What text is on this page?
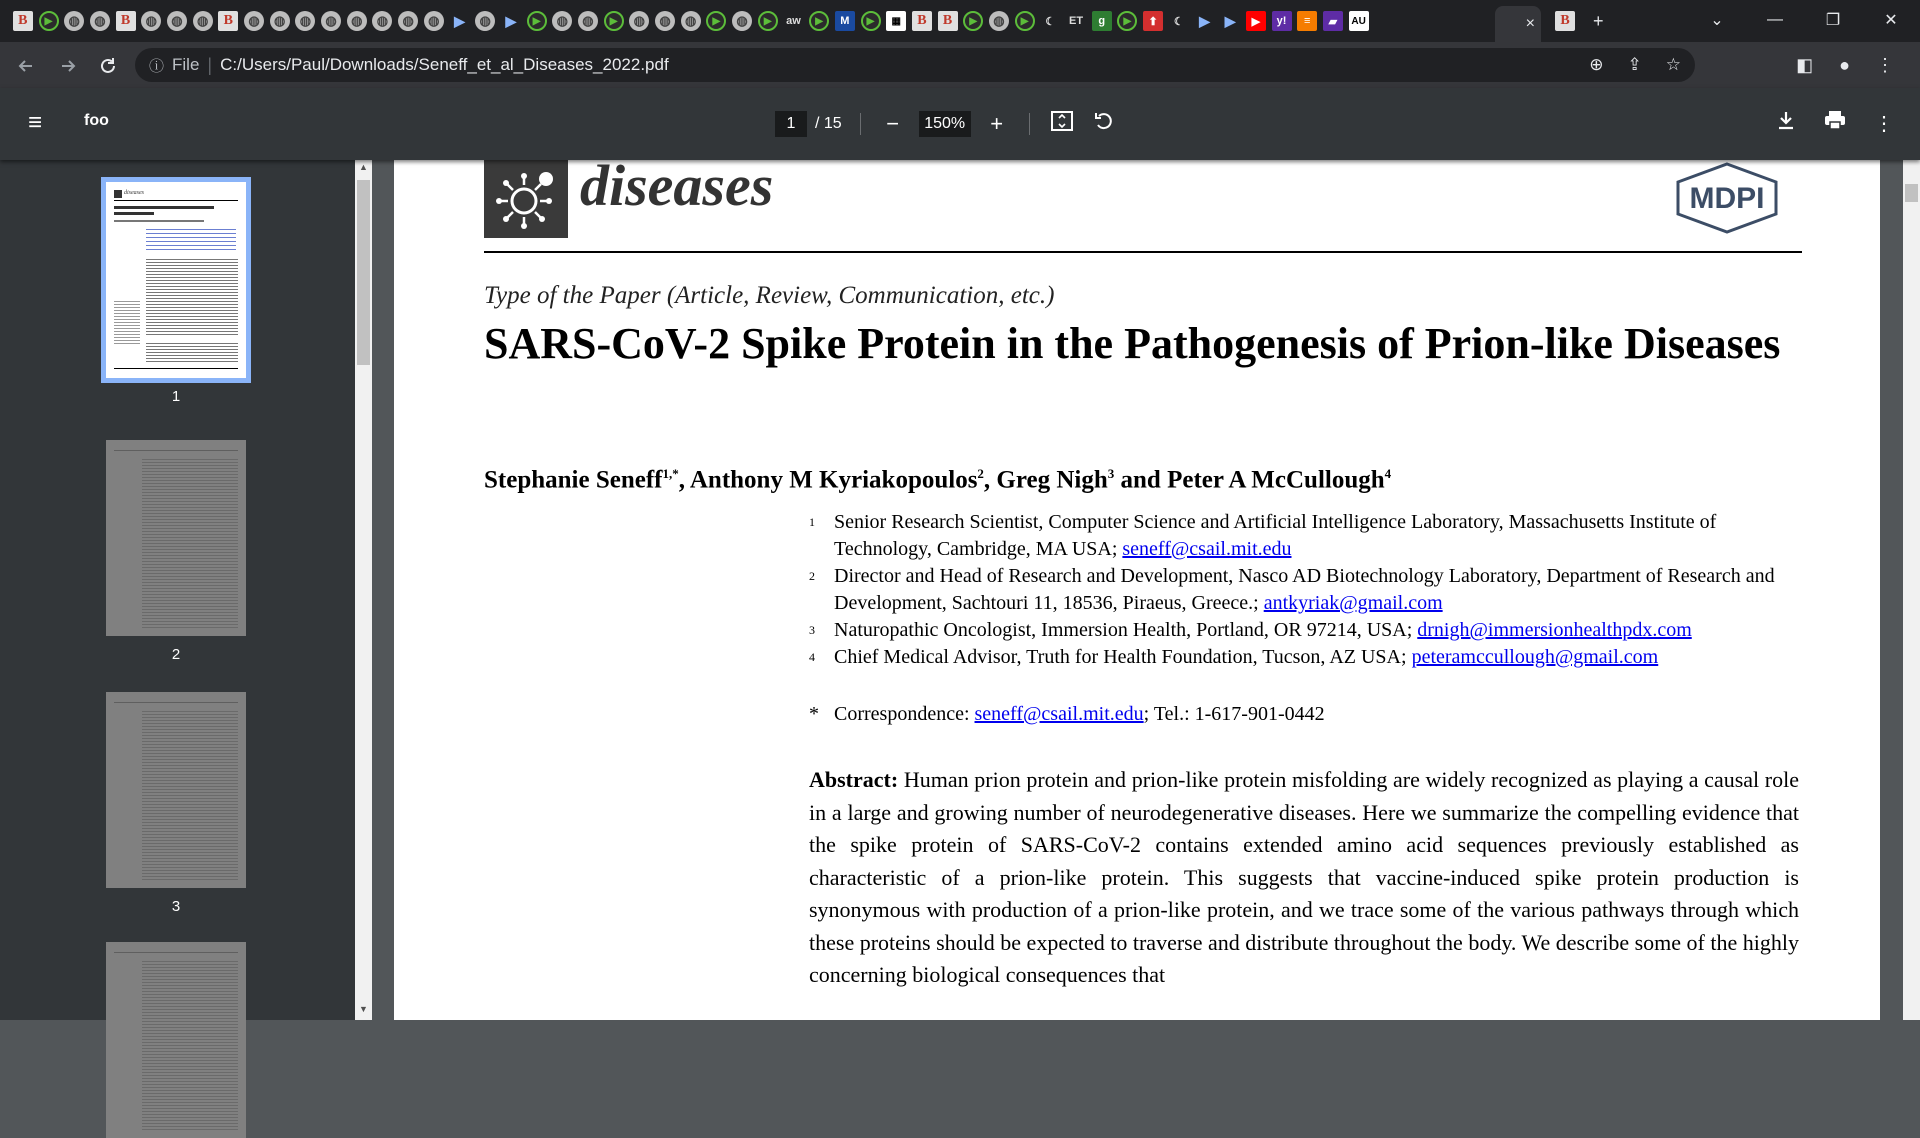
B	▶	◍	◍	B	◍	◍	◍	B	◍	◍	◍	◍	◍	◍	◍	◍	▶	◍	▶	▶	◍	◍	▶	◍	◍	◍	▶	◍	▶	aw	▶	M	▶	▦	B	B	▶	◍	▶	☾	ET	g	▶	⬆	☾	▶	▶	▶	y!	≡	▰	AU	×	B +	⌄	—	❐	✕
ⓘ File | C:/Users/Paul/Downloads/Seneff_et_al_Diseases_2022.pdf	⊕ ⇪ ☆	◧ ● ⋮
≡	foo
1	/ 15	−
150%	+	⋮
diseases
1
2
3
▲
▼
diseases	MDPI
Type of the Paper (Article, Review, Communication, etc.)
SARS-CoV-2 Spike Protein in the Pathogenesis of Prion-like Diseases
Stephanie Seneff$^{1,*}$, Anthony M Kyriakopoulos$^2$, Greg Nigh$^3$ and Peter A McCullough$^4$
1 Senior Research Scientist, Computer Science and Artificial Intelligence Laboratory, Massachusetts Institute of Technology, Cambridge, MA USA; seneff@csail.mit.edu
2 Director and Head of Research and Development, Nasco AD Biotechnology Laboratory, Department of Research and Development, Sachtouri 11, 18536, Piraeus, Greece.; antkyriak@gmail.com
3 Naturopathic Oncologist, Immersion Health, Portland, OR 97214, USA; drnigh@immersionhealthpdx.com
4 Chief Medical Advisor, Truth for Health Foundation, Tucson, AZ USA; peteramccullough@gmail.com
* Correspondence: seneff@csail.mit.edu; Tel.: 1-617-901-0442
Abstract: Human prion protein and prion-like protein misfolding are widely recognized as playing a causal role in a large and growing number of neurodegenerative diseases. Here we summarize the compelling evidence that the spike protein of SARS-CoV-2 contains extended amino acid sequences previously established as characteristic of a prion-like protein. This suggests that vaccine-induced spike protein production is synonymous with production of a prion-like protein, and we trace some of the various pathways through which these proteins should be expected to traverse and distribute throughout the body. We describe some of the highly concerning biological consequences that
